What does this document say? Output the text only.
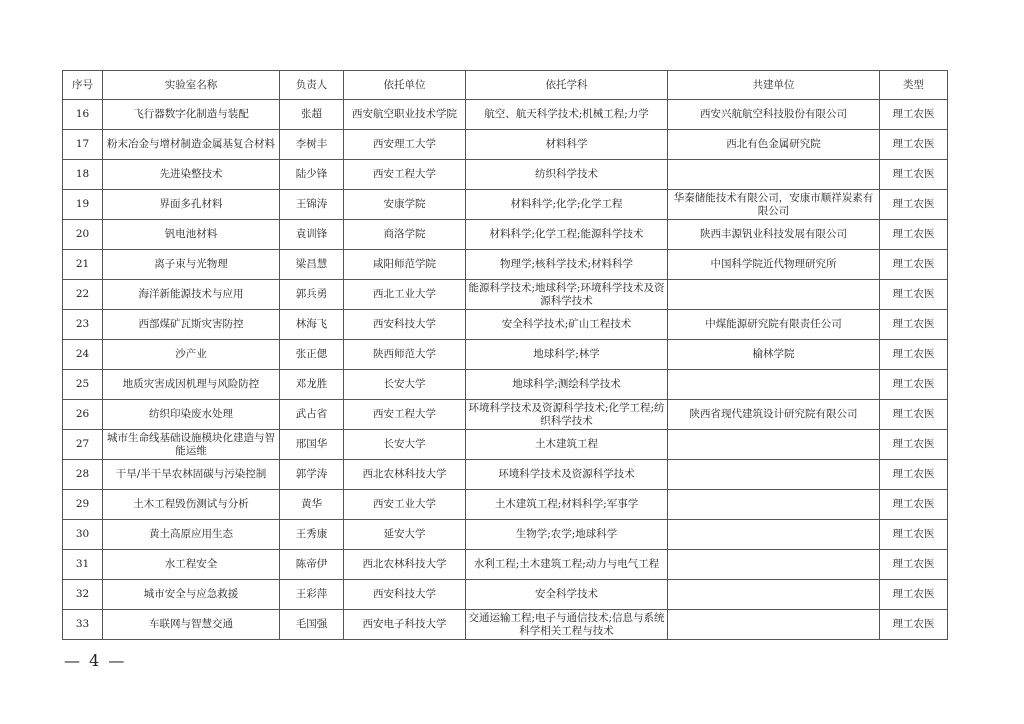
序号	实验室名称	负责人	依托单位	依托学科	共建单位	类型
16	飞行器数字化制造与装配	张超	西安航空职业技术学院	航空、航天科学技术;机械工程;力学	西安兴航航空科技股份有限公司	理工农医
17	粉末冶金与增材制造金属基复合材料	李树丰	西安理工大学	材料科学	西北有色金属研究院	理工农医
18	先进染整技术	陆少锋	西安工程大学	纺织科学技术		理工农医
19	界面多孔材料	王锦涛	安康学院	材料科学;化学;化学工程	华秦储能技术有限公司，安康市顺祥炭素有限公司	理工农医
20	钒电池材料	袁训锋	商洛学院	材料科学;化学工程;能源科学技术	陕西丰源钒业科技发展有限公司	理工农医
21	离子束与光物理	梁昌慧	咸阳师范学院	物理学;核科学技术;材料科学	中国科学院近代物理研究所	理工农医
22	海洋新能源技术与应用	郭兵勇	西北工业大学	能源科学技术;地球科学;环境科学技术及资源科学技术		理工农医
23	西部煤矿瓦斯灾害防控	林海飞	西安科技大学	安全科学技术;矿山工程技术	中煤能源研究院有限责任公司	理工农医
24	沙产业	张正偲	陕西师范大学	地球科学;林学	榆林学院	理工农医
25	地质灾害成因机理与风险防控	邓龙胜	长安大学	地球科学;测绘科学技术		理工农医
26	纺织印染废水处理	武占省	西安工程大学	环境科学技术及资源科学技术;化学工程;纺织科学技术	陕西省现代建筑设计研究院有限公司	理工农医
27	城市生命线基础设施模块化建造与智能运维	邢国华	长安大学	土木建筑工程		理工农医
28	干旱/半干旱农林固碳与污染控制	郭学涛	西北农林科技大学	环境科学技术及资源科学技术		理工农医
29	土木工程毁伤测试与分析	黄华	西安工业大学	土木建筑工程;材料科学;军事学		理工农医
30	黄土高原应用生态	王秀康	延安大学	生物学;农学;地球科学		理工农医
31	水工程安全	陈帝伊	西北农林科技大学	水利工程;土木建筑工程;动力与电气工程		理工农医
32	城市安全与应急救援	王彩萍	西安科技大学	安全科学技术		理工农医
33	车联网与智慧交通	毛国强	西安电子科技大学	交通运输工程;电子与通信技术;信息与系统科学相关工程与技术		理工农医
— 4 —
